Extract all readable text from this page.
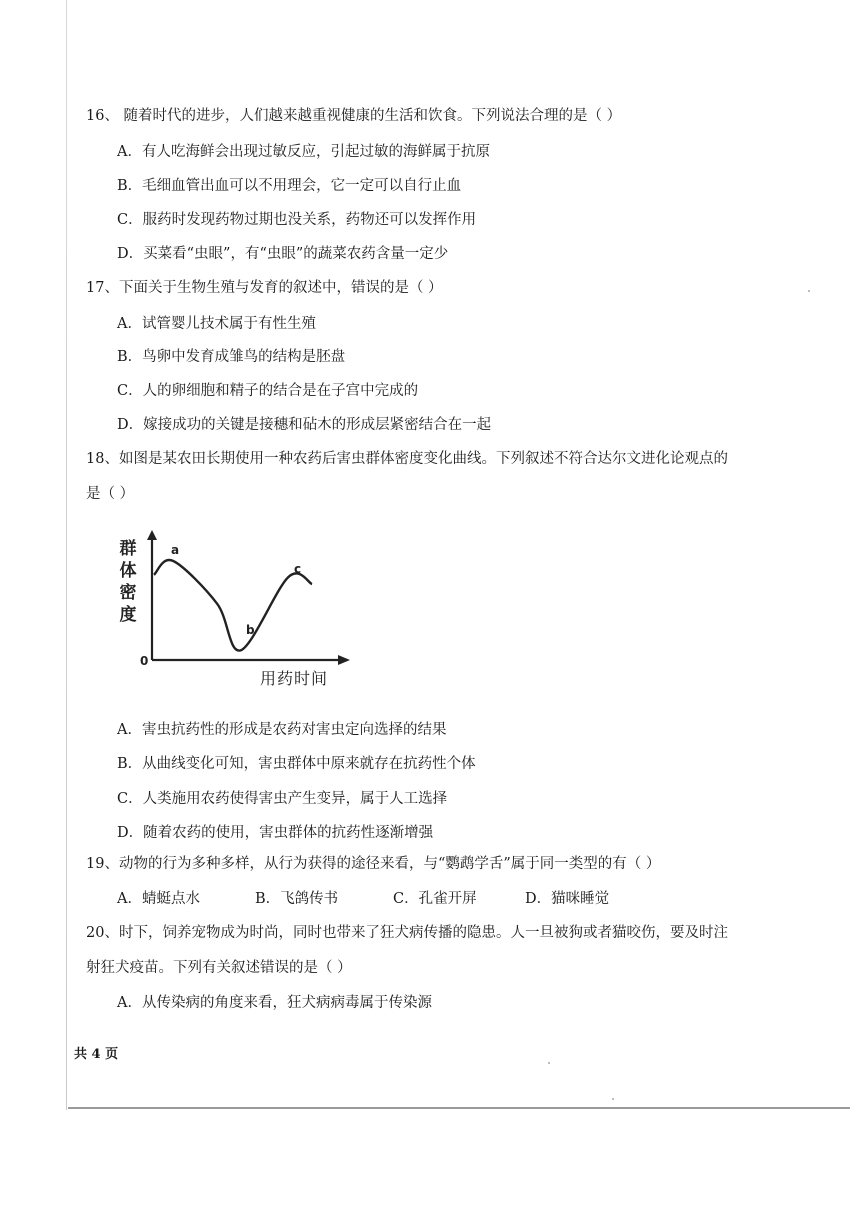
16、 随着时代的进步，人们越来越重视健康的生活和饮食。下列说法合理的是（ ）
A．有人吃海鲜会出现过敏反应，引起过敏的海鲜属于抗原
B．毛细血管出血可以不用理会，它一定可以自行止血
C．服药时发现药物过期也没关系，药物还可以发挥作用
D．买菜看“虫眼”，有“虫眼”的蔬菜农药含量一定少
17、下面关于生物生殖与发育的叙述中，错误的是（ ）
A．试管婴儿技术属于有性生殖
B．鸟卵中发育成雏鸟的结构是胚盘
C．人的卵细胞和精子的结合是在子宫中完成的
D．嫁接成功的关键是接穗和砧木的形成层紧密结合在一起
18、如图是某农田长期使用一种农药后害虫群体密度变化曲线。下列叙述不符合达尔文进化论观点的
是（ ）
群
体
密
度
0
a
b
c
用药时间
A．害虫抗药性的形成是农药对害虫定向选择的结果
B．从曲线变化可知，害虫群体中原来就存在抗药性个体
C．人类施用农药使得害虫产生变异，属于人工选择
D．随着农药的使用，害虫群体的抗药性逐渐增强
19、动物的行为多种多样，从行为获得的途径来看，与“鹦鹉学舌”属于同一类型的有（ ）
A．蜻蜓点水	B．飞鸽传书	C．孔雀开屏	D．猫咪睡觉
20、时下，饲养宠物成为时尚，同时也带来了狂犬病传播的隐患。人一旦被狗或者猫咬伤，要及时注
射狂犬疫苗。下列有关叙述错误的是（ ）
A．从传染病的角度来看，狂犬病病毒属于传染源
共 4 页
